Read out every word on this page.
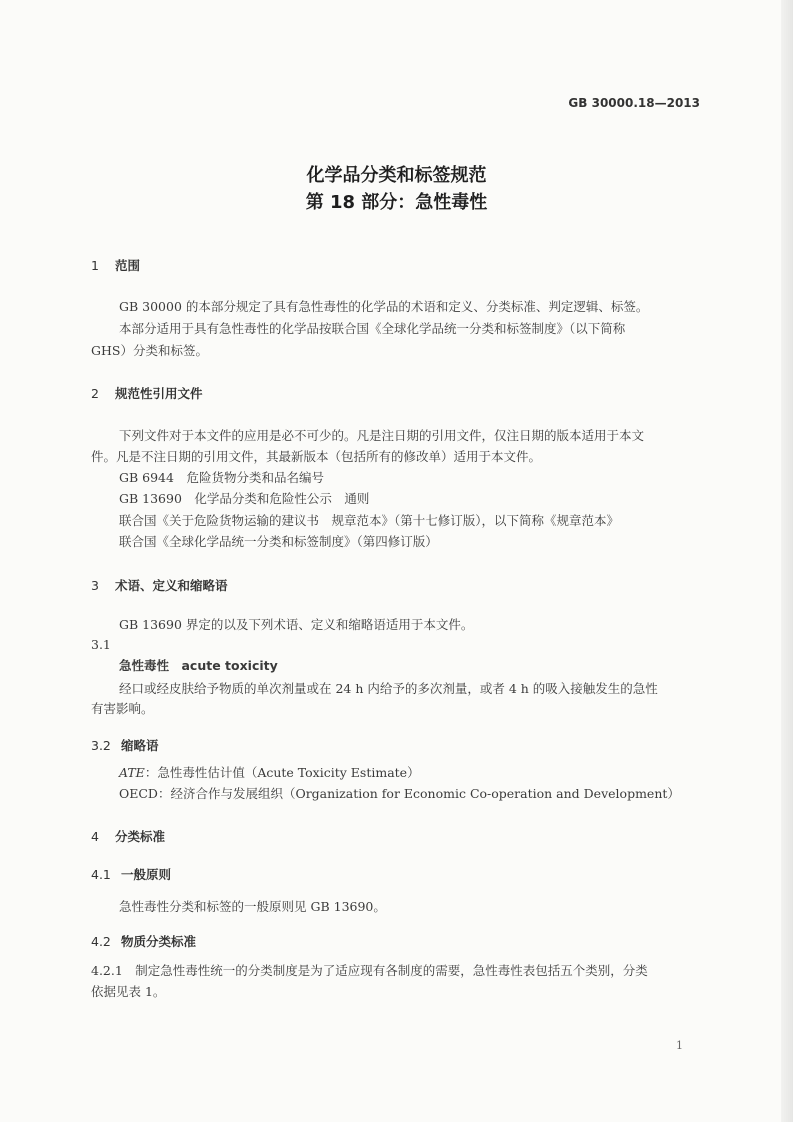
GB 30000.18—2013
化学品分类和标签规范
第 18 部分：急性毒性
1 范围
GB 30000 的本部分规定了具有急性毒性的化学品的术语和定义、分类标准、判定逻辑、标签。
本部分适用于具有急性毒性的化学品按联合国《全球化学品统一分类和标签制度》（以下简称
GHS）分类和标签。
2 规范性引用文件
下列文件对于本文件的应用是必不可少的。凡是注日期的引用文件，仅注日期的版本适用于本文
件。凡是不注日期的引用文件，其最新版本（包括所有的修改单）适用于本文件。
GB 6944　危险货物分类和品名编号
GB 13690　化学品分类和危险性公示　通则
联合国《关于危险货物运输的建议书　规章范本》（第十七修订版），以下简称《规章范本》
联合国《全球化学品统一分类和标签制度》（第四修订版）
3 术语、定义和缩略语
GB 13690 界定的以及下列术语、定义和缩略语适用于本文件。
3.1
急性毒性　acute toxicity
经口或经皮肤给予物质的单次剂量或在 24 h 内给予的多次剂量，或者 4 h 的吸入接触发生的急性
有害影响。
3.2 缩略语
ATE：急性毒性估计值（Acute Toxicity Estimate）
OECD：经济合作与发展组织（Organization for Economic Co-operation and Development）
4 分类标准
4.1 一般原则
急性毒性分类和标签的一般原则见 GB 13690。
4.2 物质分类标准
4.2.1　制定急性毒性统一的分类制度是为了适应现有各制度的需要，急性毒性表包括五个类别，分类
依据见表 1。
1
